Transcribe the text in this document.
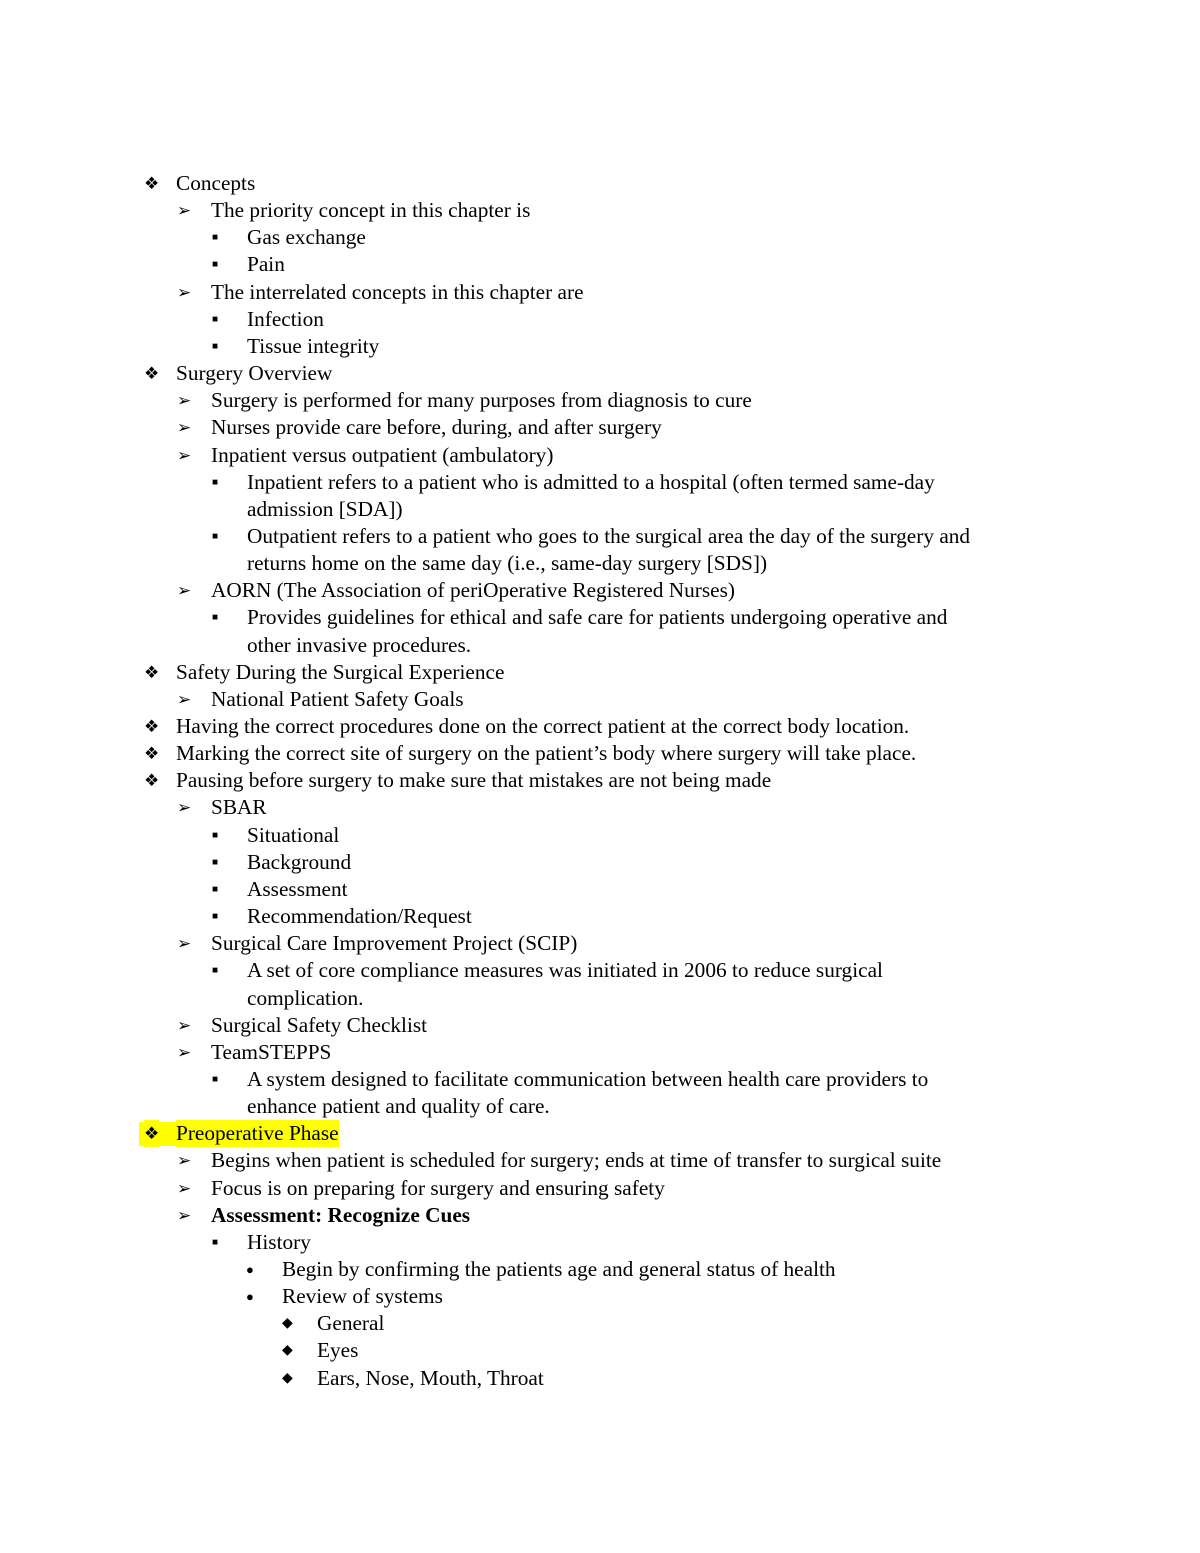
❖ Concepts
➢ The priority concept in this chapter is
■ Gas exchange
■ Pain
➢ The interrelated concepts in this chapter are
■ Infection
■ Tissue integrity
❖ Surgery Overview
➢ Surgery is performed for many purposes from diagnosis to cure
➢ Nurses provide care before, during, and after surgery
➢ Inpatient versus outpatient (ambulatory)
■ Inpatient refers to a patient who is admitted to a hospital (often termed same-day
admission [SDA])
■ Outpatient refers to a patient who goes to the surgical area the day of the surgery and
returns home on the same day (i.e., same-day surgery [SDS])
➢ AORN (The Association of periOperative Registered Nurses)
■ Provides guidelines for ethical and safe care for patients undergoing operative and
other invasive procedures.
❖ Safety During the Surgical Experience
➢ National Patient Safety Goals
❖ Having the correct procedures done on the correct patient at the correct body location.
❖ Marking the correct site of surgery on the patient’s body where surgery will take place.
❖ Pausing before surgery to make sure that mistakes are not being made
➢ SBAR
■ Situational
■ Background
■ Assessment
■ Recommendation/Request
➢ Surgical Care Improvement Project (SCIP)
■ A set of core compliance measures was initiated in 2006 to reduce surgical
complication.
➢ Surgical Safety Checklist
➢ TeamSTEPPS
■ A system designed to facilitate communication between health care providers to
enhance patient and quality of care.
❖ Preoperative Phase
➢ Begins when patient is scheduled for surgery; ends at time of transfer to surgical suite
➢ Focus is on preparing for surgery and ensuring safety
➢ Assessment: Recognize Cues
■ History
● Begin by confirming the patients age and general status of health
● Review of systems
◆ General
◆ Eyes
◆ Ears, Nose, Mouth, Throat
